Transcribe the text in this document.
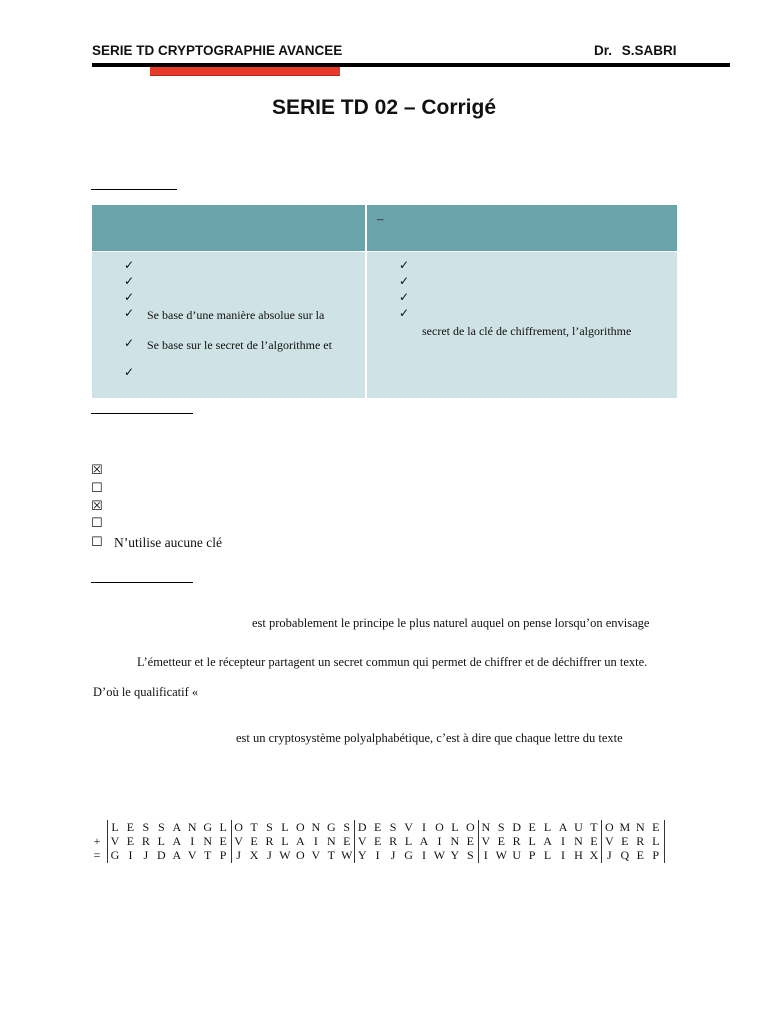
SERIE TD CRYPTOGRAPHIE AVANCEE	Dr. S.SABRI
SERIE TD 02 – Corrigé
–
✓
✓
✓
✓ Se base d’une manière absolue sur la
✓ Se base sur le secret de l’algorithme et
✓
✓
✓
✓
✓
secret de la clé de chiffrement, l’algorithme
☒
☐
☒
☐
☐ N’utilise aucune clé
est probablement le principe le plus naturel auquel on pense lorsqu’on envisage
L’émetteur et le récepteur partagent un secret commun qui permet de chiffrer et de déchiffrer un texte.
D’où le qualificatif «
est un cryptosystème polyalphabétique, c’est à dire que chaque lettre du texte
L E S S A N G L O T S L O N G S D E S V I O L O N S D E L A U T O M N E
+ V E R L A I N E V E R L A I N E V E R L A I N E V E R L A I N E V E R L
= G I J D A V T P J X J W O V T W Y I J G I W Y S I W U P L I H X J Q E P
